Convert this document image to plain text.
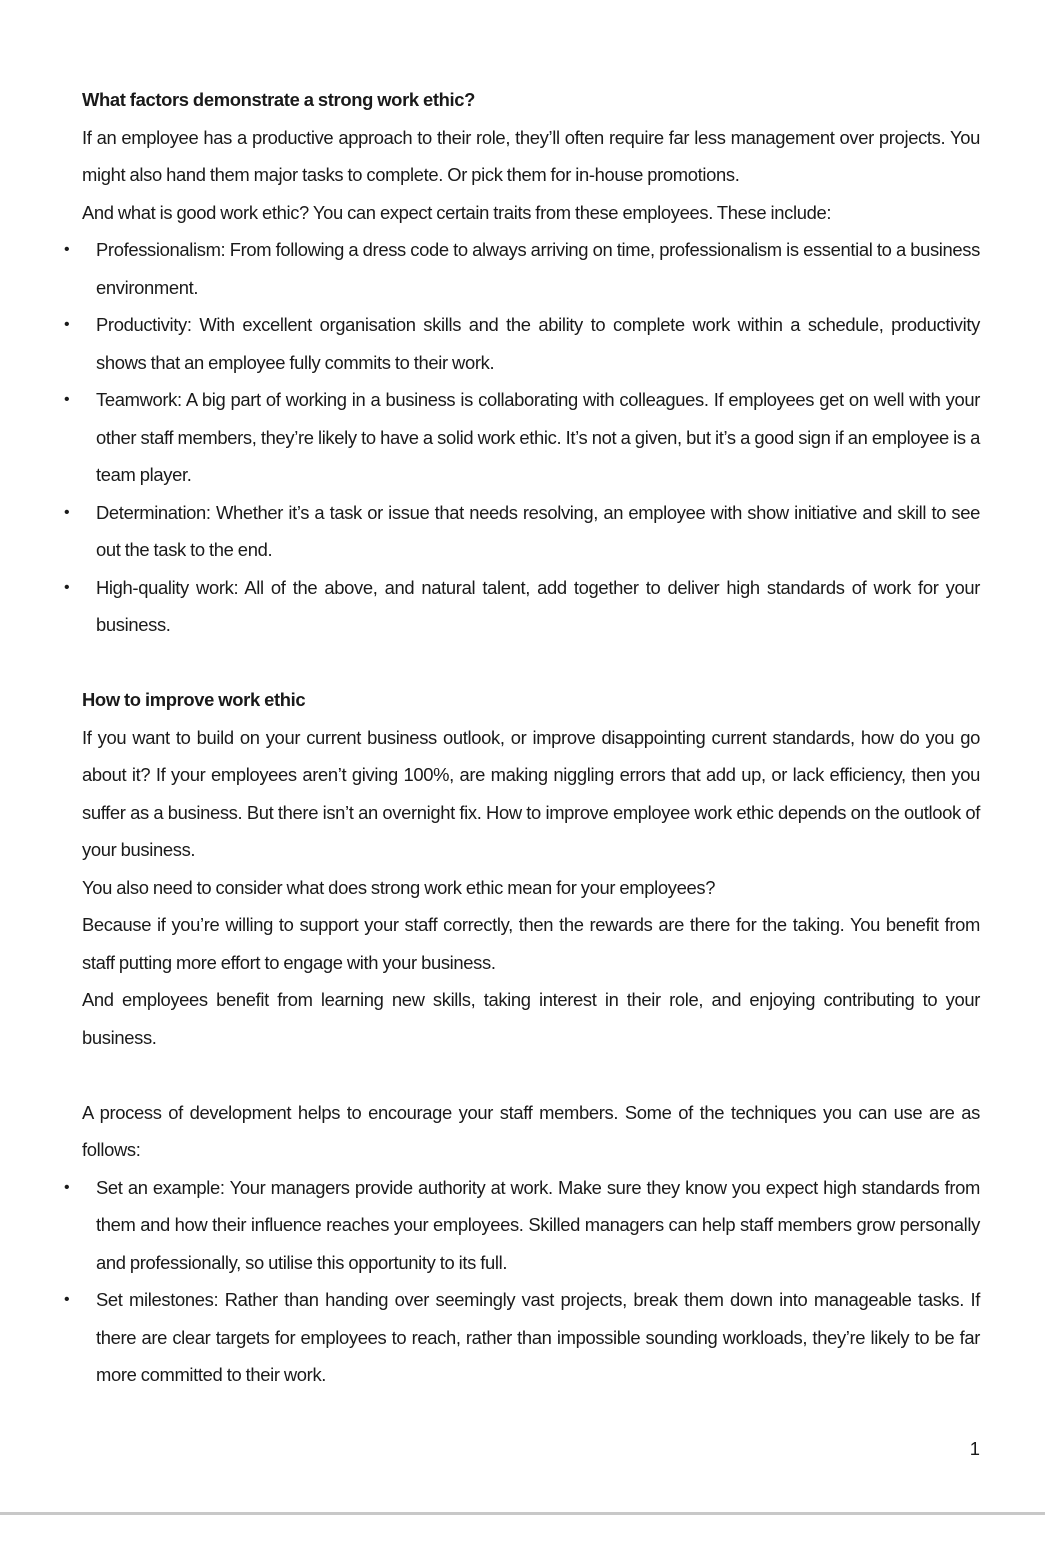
What factors demonstrate a strong work ethic?

If an employee has a productive approach to their role, they’ll often require far less management over projects. You might also hand them major tasks to complete. Or pick them for in-house promotions.

And what is good work ethic? You can expect certain traits from these employees. These include:

• Professionalism: From following a dress code to always arriving on time, professionalism is essential to a business environment.
• Productivity: With excellent organisation skills and the ability to complete work within a schedule, productivity shows that an employee fully commits to their work.
• Teamwork: A big part of working in a business is collaborating with colleagues. If employees get on well with your other staff members, they’re likely to have a solid work ethic. It’s not a given, but it’s a good sign if an employee is a team player.
• Determination: Whether it’s a task or issue that needs resolving, an employee with show initiative and skill to see out the task to the end.
• High-quality work: All of the above, and natural talent, add together to deliver high standards of work for your business.

How to improve work ethic

If you want to build on your current business outlook, or improve disappointing current standards, how do you go about it? If your employees aren’t giving 100%, are making niggling errors that add up, or lack efficiency, then you suffer as a business. But there isn’t an overnight fix. How to improve employee work ethic depends on the outlook of your business.

You also need to consider what does strong work ethic mean for your employees?

Because if you’re willing to support your staff correctly, then the rewards are there for the taking. You benefit from staff putting more effort to engage with your business.

And employees benefit from learning new skills, taking interest in their role, and enjoying contributing to your business.

A process of development helps to encourage your staff members. Some of the techniques you can use are as follows:

• Set an example: Your managers provide authority at work. Make sure they know you expect high standards from them and how their influence reaches your employees. Skilled managers can help staff members grow personally and professionally, so utilise this opportunity to its full.
• Set milestones: Rather than handing over seemingly vast projects, break them down into manageable tasks. If there are clear targets for employees to reach, rather than impossible sounding workloads, they’re likely to be far more committed to their work.
1
